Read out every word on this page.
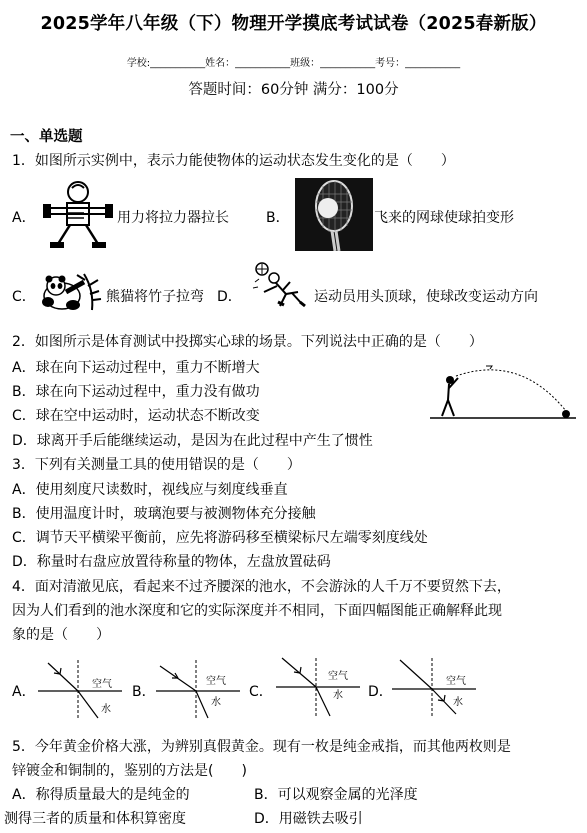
2025学年八年级（下）物理开学摸底考试试卷（2025春新版）
学校:___________姓名：___________班级：___________考号：___________
答题时间：60分钟 满分：100分
一、单选题
1．如图所示实例中，表示力能使物体的运动状态发生变化的是（　　）
A．	用力将拉力器拉长	B．	飞来的网球使球拍变形
C．	熊猫将竹子拉弯 D．	运动员用头顶球，使球改变运动方向
2．如图所示是体育测试中投掷实心球的场景。下列说法中正确的是（　　）
A．球在向下运动过程中，重力不断增大
B．球在向下运动过程中，重力没有做功
C．球在空中运动时，运动状态不断改变
D．球离开手后能继续运动，是因为在此过程中产生了惯性
3．下列有关测量工具的使用错误的是（　　）
A．使用刻度尺读数时，视线应与刻度线垂直
B．使用温度计时，玻璃泡要与被测物体充分接触
C．调节天平横梁平衡前，应先将游码移至横梁标尺左端零刻度线处
D．称量时右盘应放置待称量的物体，左盘放置砝码
4．面对清澈见底，看起来不过齐腰深的池水，不会游泳的人千万不要贸然下去，
因为人们看到的池水深度和它的实际深度并不相同，下面四幅图能正确解释此现
象的是（　　）
A．	空气
水
B．
空气
水
C．
空气
水 D．
空气
水
5．今年黄金价格大涨，为辨别真假黄金。现有一枚是纯金戒指，而其他两枚则是
锌镀金和铜制的，鉴别的方法是(　　)
A．称得质量最大的是纯金的	B．可以观察金属的光泽度
测得三者的质量和体积算密度	D．用磁铁去吸引
